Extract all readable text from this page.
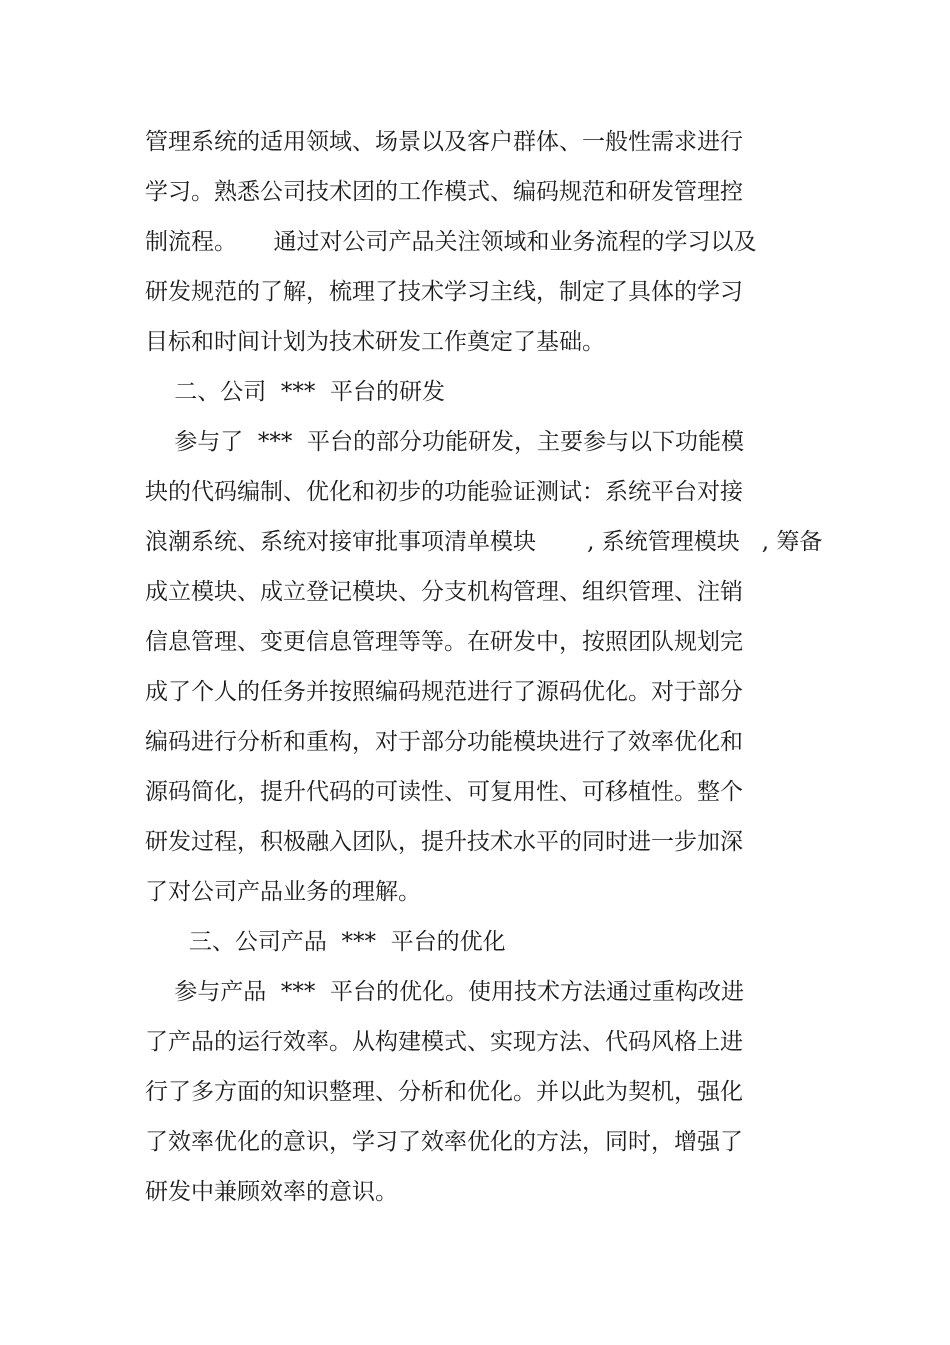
管理系统的适用领域、场景以及客户群体、一般性需求进行
学习。熟悉公司技术团的工作模式、编码规范和研发管理控
制流程。     通过对公司产品关注领域和业务流程的学习以及
研发规范的了解，梳理了技术学习主线，制定了具体的学习
目标和时间计划为技术研发工作奠定了基础。
二、公司  ***  平台的研发
参与了  ***  平台的部分功能研发，主要参与以下功能模
块的代码编制、优化和初步的功能验证测试：系统平台对接
浪潮系统、系统对接审批事项清单模块       , 系统管理模块   , 筹备
成立模块、成立登记模块、分支机构管理、组织管理、注销
信息管理、变更信息管理等等。在研发中，按照团队规划完
成了个人的任务并按照编码规范进行了源码优化。对于部分
编码进行分析和重构，对于部分功能模块进行了效率优化和
源码简化，提升代码的可读性、可复用性、可移植性。整个
研发过程，积极融入团队，提升技术水平的同时进一步加深
了对公司产品业务的理解。
三、公司产品  ***  平台的优化
参与产品  ***  平台的优化。使用技术方法通过重构改进
了产品的运行效率。从构建模式、实现方法、代码风格上进
行了多方面的知识整理、分析和优化。并以此为契机，强化
了效率优化的意识，学习了效率优化的方法，同时，增强了
研发中兼顾效率的意识。
